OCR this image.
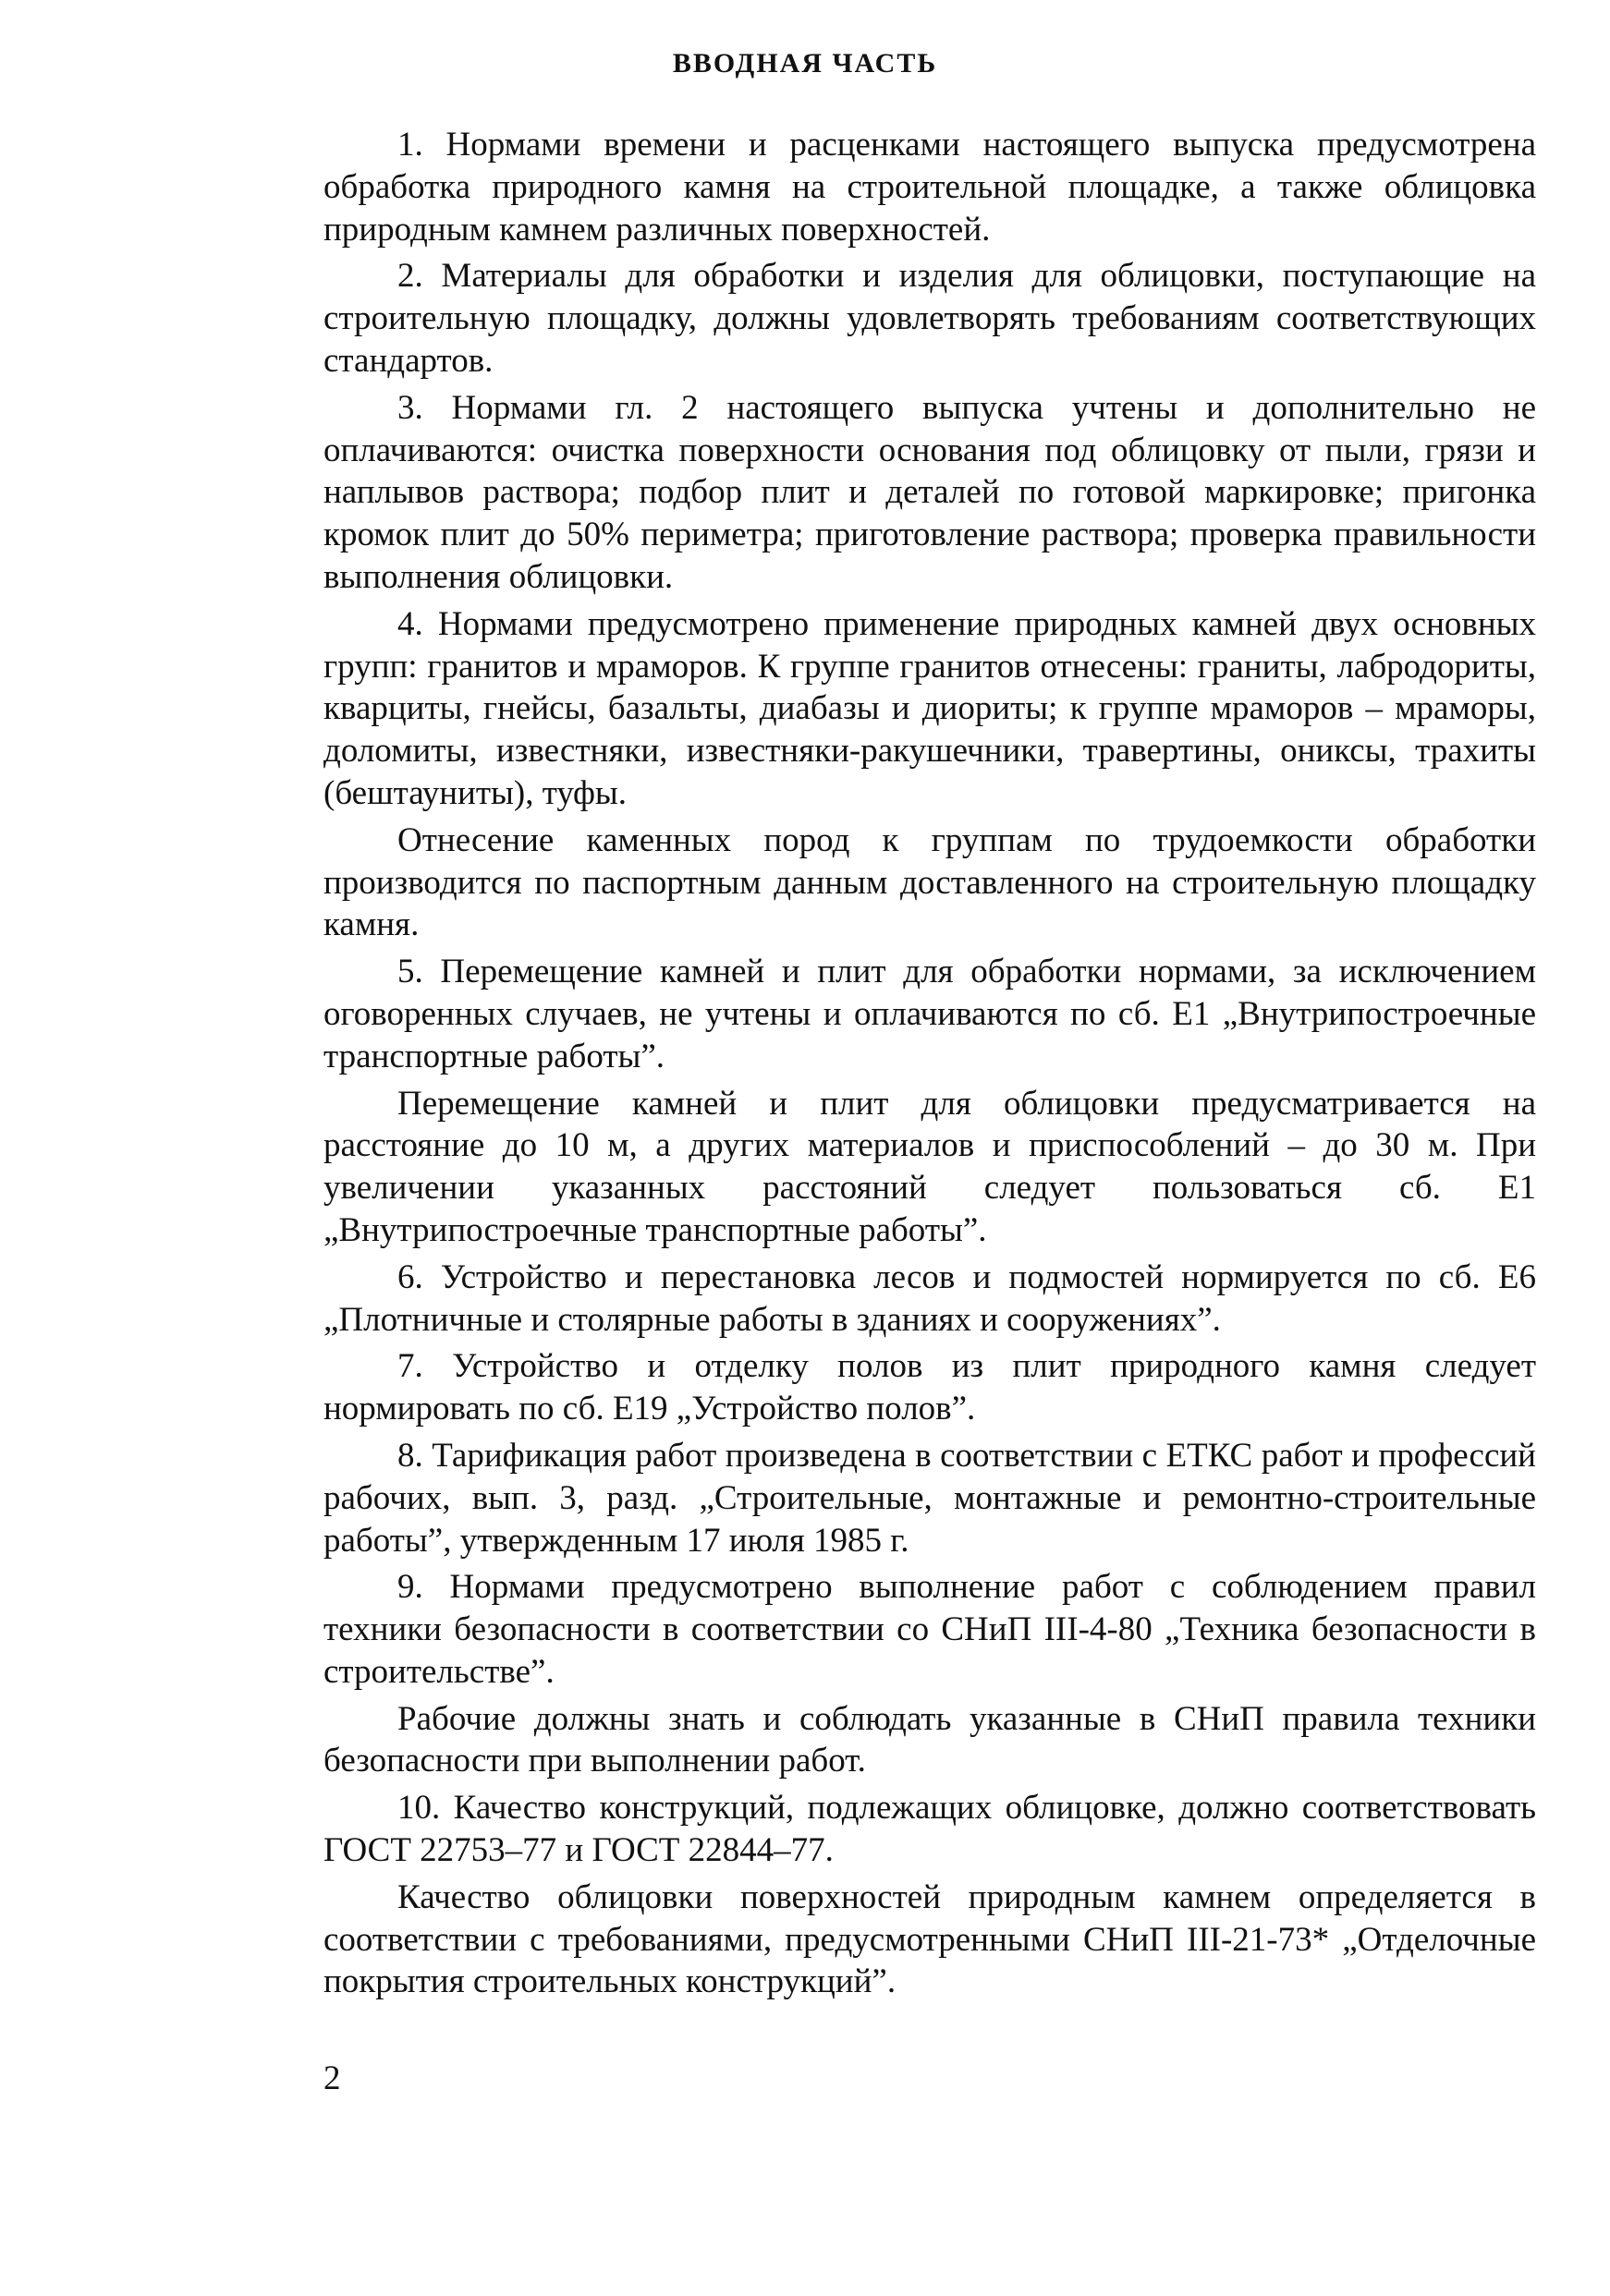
ВВОДНАЯ ЧАСТЬ

1. Нормами времени и расценками настоящего выпуска предусмотрена обработка природного камня на строительной площадке, а также облицовка природным камнем различных поверхностей.

2. Материалы для обработки и изделия для облицовки, поступающие на строительную площадку, должны удовлетворять требованиям соответствующих стандартов.

3. Нормами гл. 2 настоящего выпуска учтены и дополнительно не оплачиваются: очистка поверхности основания под облицовку от пыли, грязи и наплывов раствора; подбор плит и деталей по готовой маркировке; пригонка кромок плит до 50% периметра; приготовление раствора; проверка правильности выполнения облицовки.

4. Нормами предусмотрено применение природных камней двух основных групп: гранитов и мраморов. К группе гранитов отнесены: граниты, лабродориты, кварциты, гнейсы, базальты, диабазы и диориты; к группе мраморов – мраморы, доломиты, известняки, известняки-ракушечники, травертины, ониксы, трахиты (бештауниты), туфы.

Отнесение каменных пород к группам по трудоемкости обработки производится по паспортным данным доставленного на строительную площадку камня.

5. Перемещение камней и плит для обработки нормами, за исключением оговоренных случаев, не учтены и оплачиваются по сб. Е1 „Внутрипостроечные транспортные работы”.

Перемещение камней и плит для облицовки предусматривается на расстояние до 10 м, а других материалов и приспособлений – до 30 м. При увеличении указанных расстояний следует пользоваться сб. Е1 „Внутрипостроечные транспортные работы”.

6. Устройство и перестановка лесов и подмостей нормируется по сб. Е6 „Плотничные и столярные работы в зданиях и сооружениях”.

7. Устройство и отделку полов из плит природного камня следует нормировать по сб. Е19 „Устройство полов”.

8. Тарификация работ произведена в соответствии с ЕТКС работ и профессий рабочих, вып. 3, разд. „Строительные, монтажные и ремонтно-строительные работы”, утвержденным 17 июля 1985 г.

9. Нормами предусмотрено выполнение работ с соблюдением правил техники безопасности в соответствии со СНиП III-4-80 „Техника безопасности в строительстве”.

Рабочие должны знать и соблюдать указанные в СНиП правила техники безопасности при выполнении работ.

10. Качество конструкций, подлежащих облицовке, должно соответствовать ГОСТ 22753–77 и ГОСТ 22844–77.

Качество облицовки поверхностей природным камнем определяется в соответствии с требованиями, предусмотренными СНиП III-21-73* „Отделочные покрытия строительных конструкций”.

2
